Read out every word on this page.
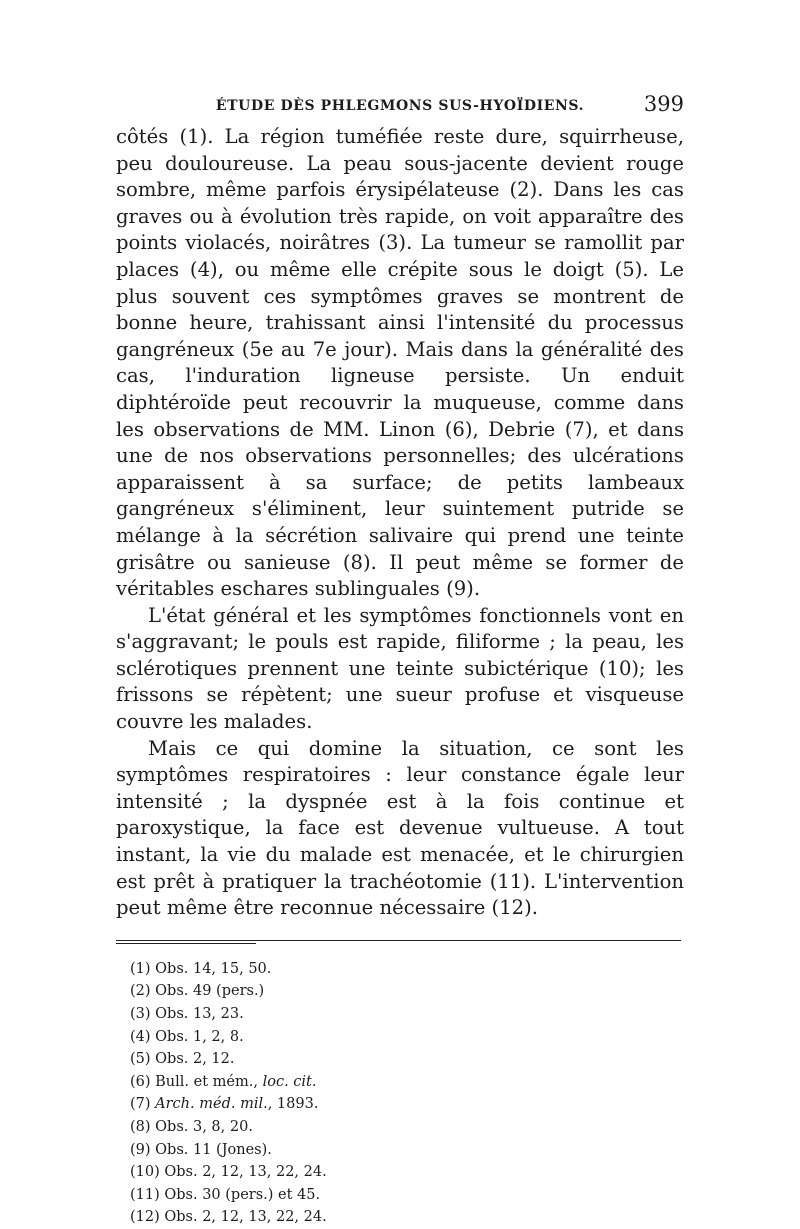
ÉTUDE DÈS PHLEGMONS SUS-HYOÏDIENS.	399

côtés (1). La région tuméfiée reste dure, squirrheuse, peu douloureuse. La peau sous-jacente devient rouge sombre, même parfois érysipélateuse (2). Dans les cas graves ou à évolution très rapide, on voit apparaître des points violacés, noirâtres (3). La tumeur se ramollit par places (4), ou même elle crépite sous le doigt (5). Le plus souvent ces symptômes graves se montrent de bonne heure, trahissant ainsi l'intensité du processus gangréneux (5e au 7e jour). Mais dans la généralité des cas, l'induration ligneuse persiste. Un enduit diphtéroïde peut recouvrir la muqueuse, comme dans les observations de MM. Linon (6), Debrie (7), et dans une de nos observations personnelles; des ulcérations apparaissent à sa surface; de petits lambeaux gangréneux s'éliminent, leur suintement putride se mélange à la sécrétion salivaire qui prend une teinte grisâtre ou sanieuse (8). Il peut même se former de véritables eschares sublinguales (9).

L'état général et les symptômes fonctionnels vont en s'aggravant; le pouls est rapide, filiforme ; la peau, les sclérotiques prennent une teinte subictérique (10); les frissons se répètent; une sueur profuse et visqueuse couvre les malades.

Mais ce qui domine la situation, ce sont les symptômes respiratoires : leur constance égale leur intensité ; la dyspnée est à la fois continue et paroxystique, la face est devenue vultueuse. A tout instant, la vie du malade est menacée, et le chirurgien est prêt à pratiquer la trachéotomie (11). L'intervention peut même être reconnue nécessaire (12).

(1) Obs. 14, 15, 50.
(2) Obs. 49 (pers.)
(3) Obs. 13, 23.
(4) Obs. 1, 2, 8.
(5) Obs. 2, 12.
(6) Bull. et mém., loc. cit.
(7) Arch. méd. mil., 1893.
(8) Obs. 3, 8, 20.
(9) Obs. 11 (Jones).
(10) Obs. 2, 12, 13, 22, 24.
(11) Obs. 30 (pers.) et 45.
(12) Obs. 2, 12, 13, 22, 24.
